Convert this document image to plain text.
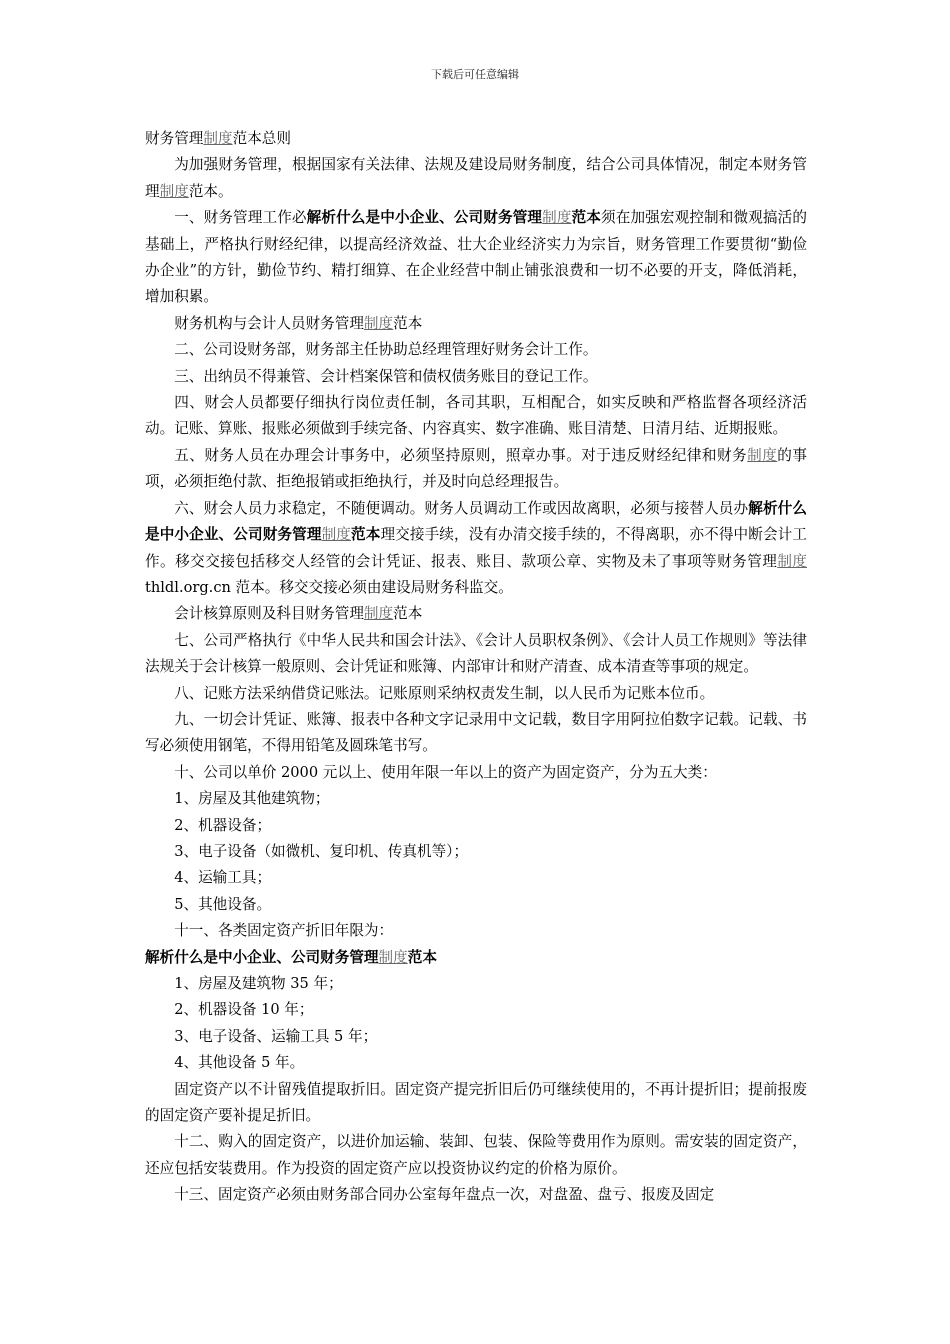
下载后可任意编辑

财务管理制度范本总则

为加强财务管理，根据国家有关法律、法规及建设局财务制度，结合公司具体情况，制定本财务管理制度范本。

一、财务管理工作必解析什么是中小企业、公司财务管理制度范本须在加强宏观控制和微观搞活的基础上，严格执行财经纪律，以提高经济效益、壮大企业经济实力为宗旨，财务管理工作要贯彻“勤俭办企业”的方针，勤俭节约、精打细算、在企业经营中制止铺张浪费和一切不必要的开支，降低消耗，增加积累。

财务机构与会计人员财务管理制度范本

二、公司设财务部，财务部主任协助总经理管理好财务会计工作。

三、出纳员不得兼管、会计档案保管和债权债务账目的登记工作。

四、财会人员都要仔细执行岗位责任制，各司其职，互相配合，如实反映和严格监督各项经济活动。记账、算账、报账必须做到手续完备、内容真实、数字准确、账目清楚、日清月结、近期报账。

五、财务人员在办理会计事务中，必须坚持原则，照章办事。对于违反财经纪律和财务制度的事项，必须拒绝付款、拒绝报销或拒绝执行，并及时向总经理报告。

六、财会人员力求稳定，不随便调动。财务人员调动工作或因故离职，必须与接替人员办解析什么是中小企业、公司财务管理制度范本理交接手续，没有办清交接手续的，不得离职，亦不得中断会计工作。移交交接包括移交人经管的会计凭证、报表、账目、款项公章、实物及未了事项等财务管理制度 thldl.org.cn 范本。移交交接必须由建设局财务科监交。

会计核算原则及科目财务管理制度范本

七、公司严格执行《中华人民共和国会计法》、《会计人员职权条例》、《会计人员工作规则》等法律法规关于会计核算一般原则、会计凭证和账簿、内部审计和财产清查、成本清查等事项的规定。

八、记账方法采纳借贷记账法。记账原则采纳权责发生制，以人民币为记账本位币。

九、一切会计凭证、账簿、报表中各种文字记录用中文记载，数目字用阿拉伯数字记载。记载、书写必须使用钢笔，不得用铅笔及圆珠笔书写。

十、公司以单价 2000 元以上、使用年限一年以上的资产为固定资产，分为五大类：

1、房屋及其他建筑物；

2、机器设备；

3、电子设备（如微机、复印机、传真机等）；

4、运输工具；

5、其他设备。

十一、各类固定资产折旧年限为：

解析什么是中小企业、公司财务管理制度范本

1、房屋及建筑物 35 年；

2、机器设备 10 年；

3、电子设备、运输工具 5 年；

4、其他设备 5 年。

固定资产以不计留残值提取折旧。固定资产提完折旧后仍可继续使用的，不再计提折旧；提前报废的固定资产要补提足折旧。

十二、购入的固定资产，以进价加运输、装卸、包装、保险等费用作为原则。需安装的固定资产，还应包括安装费用。作为投资的固定资产应以投资协议约定的价格为原价。

十三、固定资产必须由财务部合同办公室每年盘点一次，对盘盈、盘亏、报废及固定
